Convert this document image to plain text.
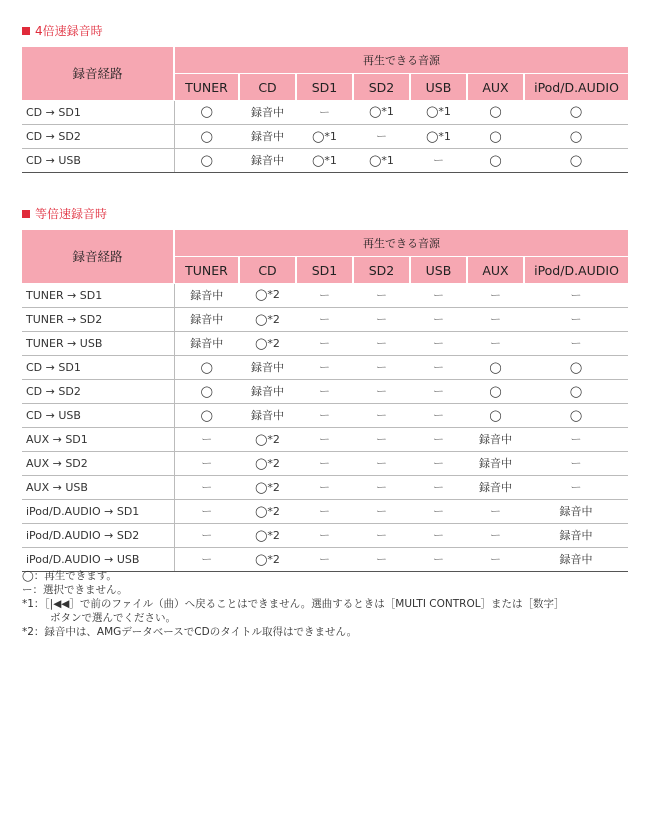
4倍速録音時
録音経路	再生できる音源						
	TUNER	CD	SD1	SD2	USB	AUX	iPod/D.AUDIO
CD → SD1	◯	録音中	ー	◯*1	◯*1	◯	◯
CD → SD2	◯	録音中	◯*1	ー	◯*1	◯	◯
CD → USB	◯	録音中	◯*1	◯*1	ー	◯	◯
等倍速録音時
録音経路	再生できる音源						
	TUNER	CD	SD1	SD2	USB	AUX	iPod/D.AUDIO
TUNER → SD1	録音中	◯*2	ー	ー	ー	ー	ー
TUNER → SD2	録音中	◯*2	ー	ー	ー	ー	ー
TUNER → USB	録音中	◯*2	ー	ー	ー	ー	ー
CD → SD1	◯	録音中	ー	ー	ー	◯	◯
CD → SD2	◯	録音中	ー	ー	ー	◯	◯
CD → USB	◯	録音中	ー	ー	ー	◯	◯
AUX → SD1	ー	◯*2	ー	ー	ー	録音中	ー
AUX → SD2	ー	◯*2	ー	ー	ー	録音中	ー
AUX → USB	ー	◯*2	ー	ー	ー	録音中	ー
iPod/D.AUDIO → SD1	ー	◯*2	ー	ー	ー	ー	録音中
iPod/D.AUDIO → SD2	ー	◯*2	ー	ー	ー	ー	録音中
iPod/D.AUDIO → USB	ー	◯*2	ー	ー	ー	ー	録音中

◯：再生できます。

ー：選択できません。

*1：［|◀◀］で前のファイル（曲）へ戻ることはできません。選曲するときは［MULTI CONTROL］または［数字］

ボタンで選んでください。

*2：録音中は、AMGデータベースでCDのタイトル取得はできません。
